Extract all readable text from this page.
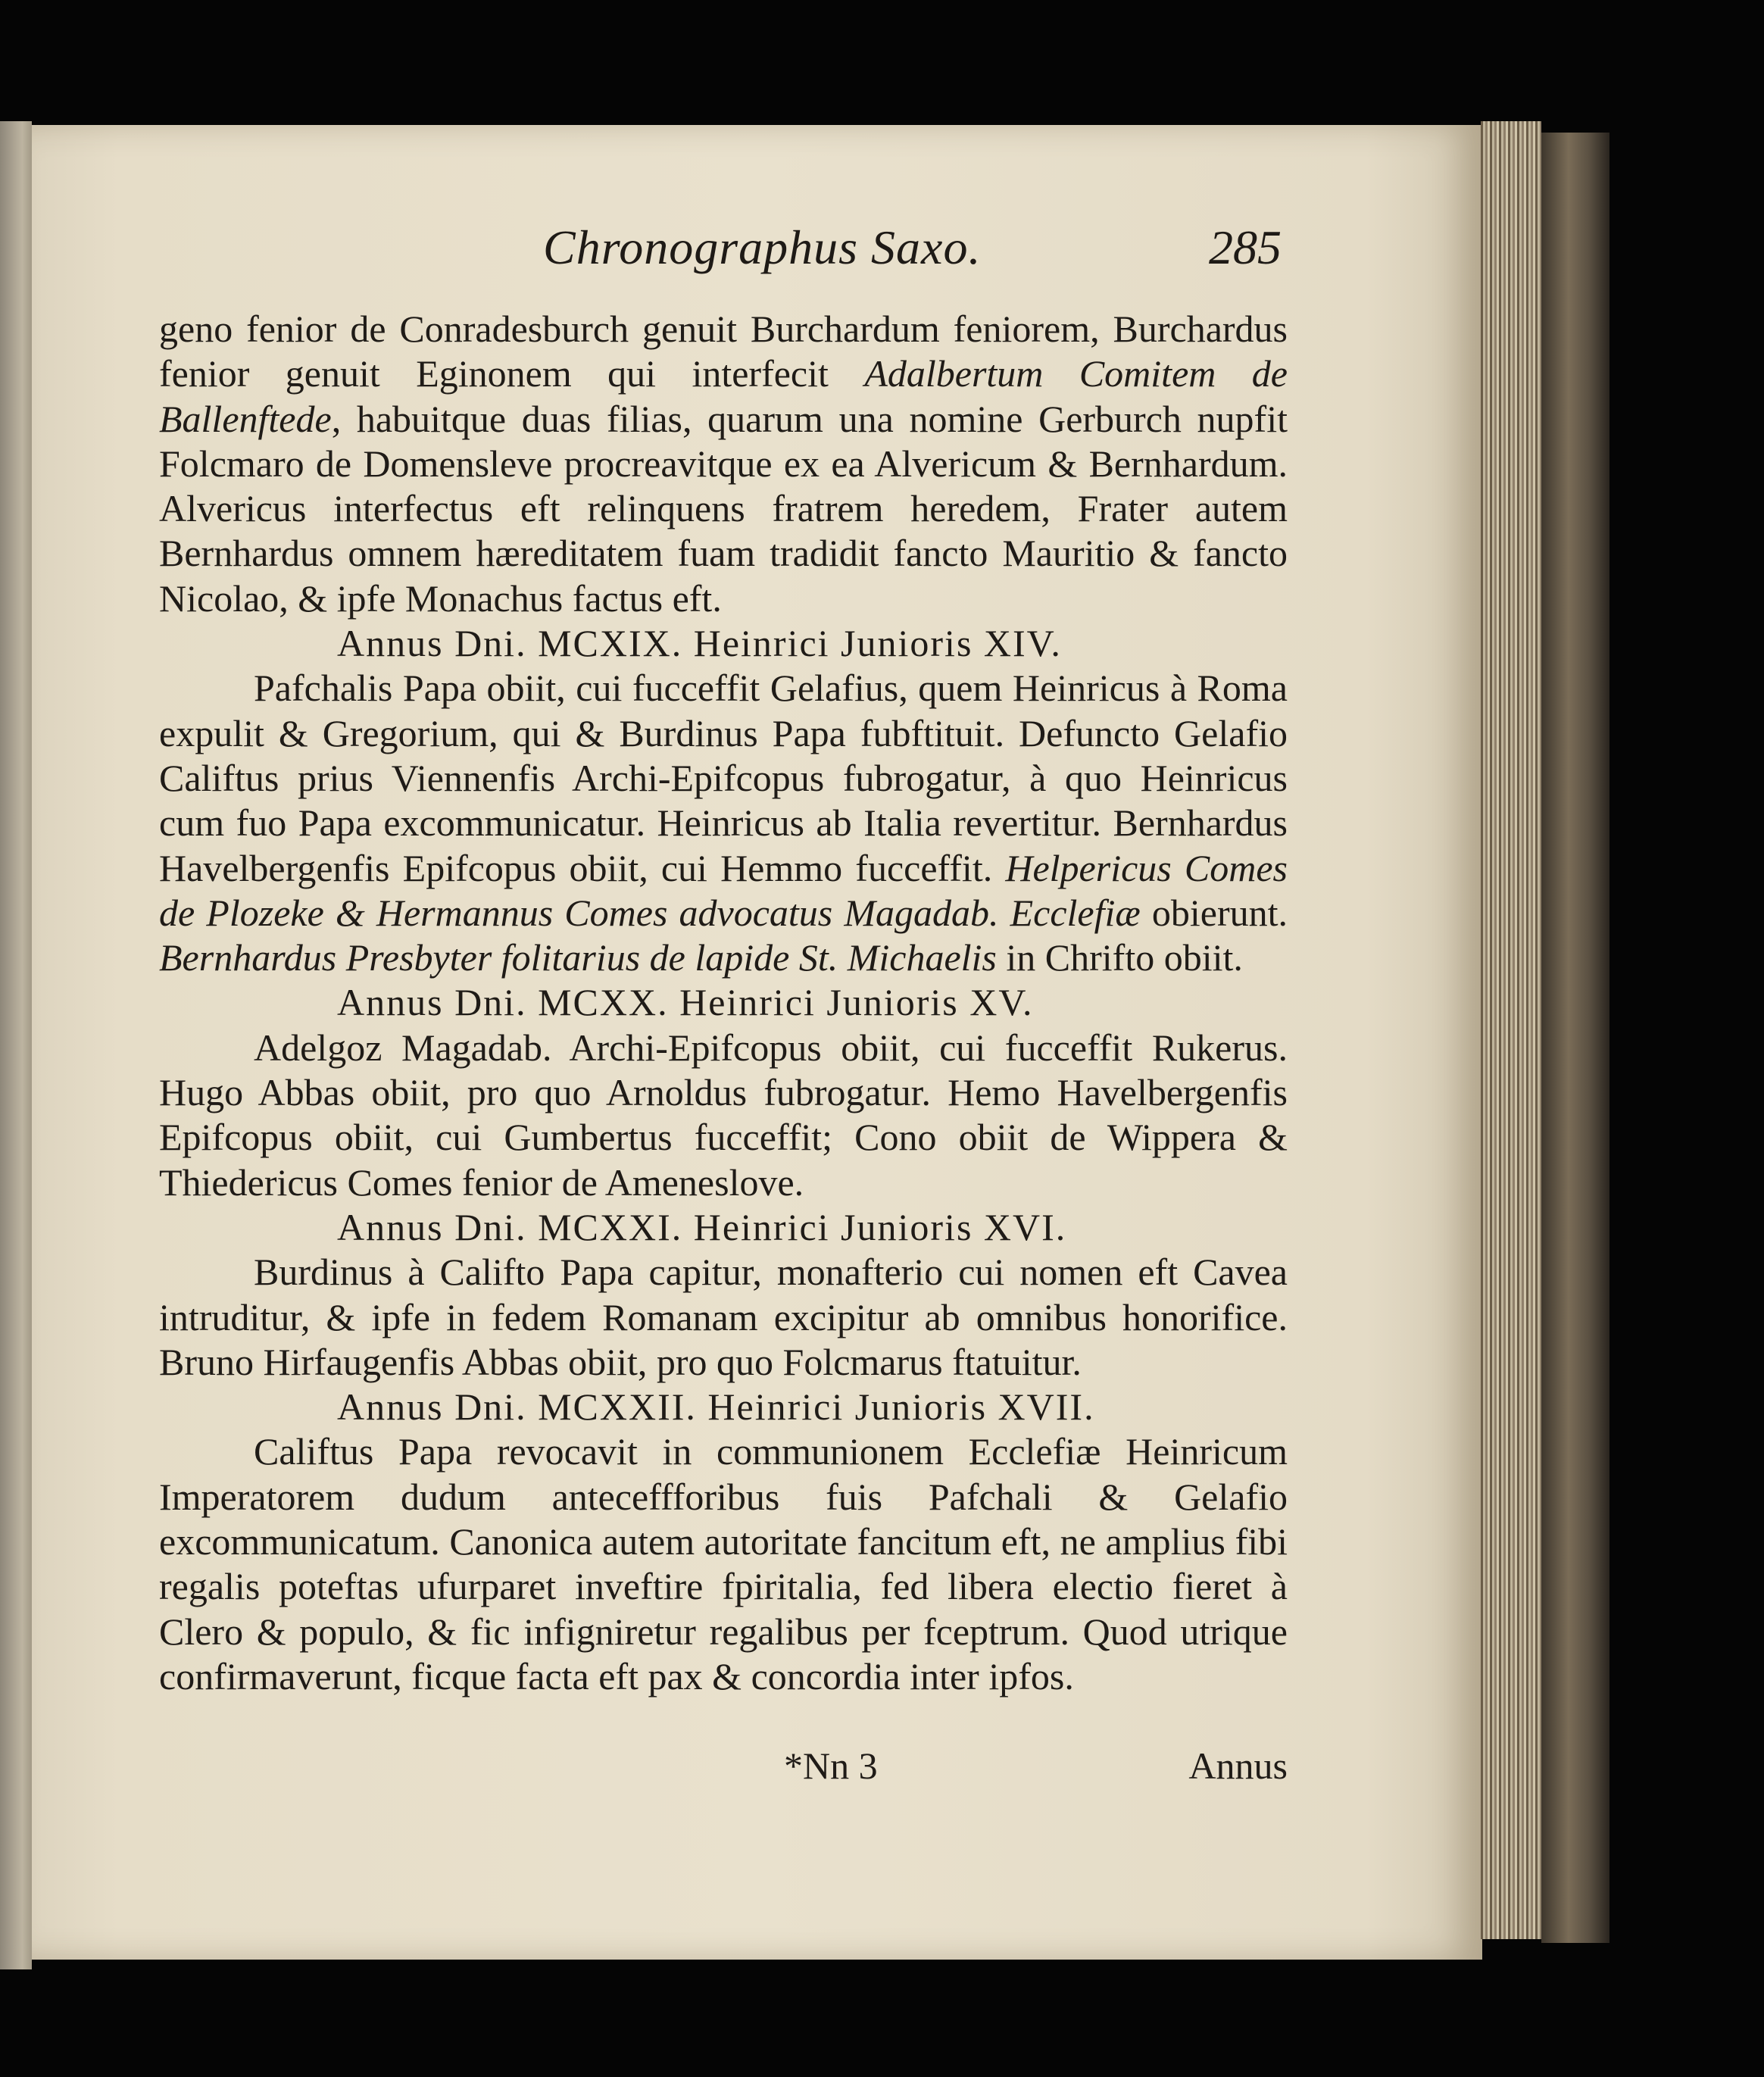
Chronographus Saxo.	285

geno fenior de Conradesburch genuit Burchardum feniorem, Burchardus fenior genuit Eginonem qui interfecit Adalbertum Comitem de Ballenftede, habuitque duas filias, quarum una nomine Gerburch nupfit Folcmaro de Domensleve procreavitque ex ea Alvericum & Bernhardum. Alvericus interfectus eft relinquens fratrem heredem, Frater autem Bernhardus omnem hæreditatem fuam tradidit fancto Mauritio & fancto Nicolao, & ipfe Monachus factus eft.

Annus Dni. MCXIX. Heinrici Junioris XIV.

Pafchalis Papa obiit, cui fucceffit Gelafius, quem Heinricus à Roma expulit & Gregorium, qui & Burdinus Papa fubftituit. Defuncto Gelafio Califtus prius Viennenfis Archi-Epifcopus fubrogatur, à quo Heinricus cum fuo Papa excommunicatur. Heinricus ab Italia revertitur. Bernhardus Havelbergenfis Epifcopus obiit, cui Hemmo fucceffit. Helpericus Comes de Plozeke & Hermannus Comes advocatus Magadab. Ecclefiæ obierunt. Bernhardus Presbyter folitarius de lapide St. Michaelis in Chrifto obiit.

Annus Dni. MCXX. Heinrici Junioris XV.

Adelgoz Magadab. Archi-Epifcopus obiit, cui fucceffit Rukerus. Hugo Abbas obiit, pro quo Arnoldus fubrogatur. Hemo Havelbergenfis Epifcopus obiit, cui Gumbertus fucceffit; Cono obiit de Wippera & Thiedericus Comes fenior de Ameneslove.

Annus Dni. MCXXI. Heinrici Junioris XVI.

Burdinus à Califto Papa capitur, monafterio cui nomen eft Cavea intruditur, & ipfe in fedem Romanam excipitur ab omnibus honorifice. Bruno Hirfaugenfis Abbas obiit, pro quo Folcmarus ftatuitur.

Annus Dni. MCXXII. Heinrici Junioris XVII.

Califtus Papa revocavit in communionem Ecclefiæ Heinricum Imperatorem dudum anteceffforibus fuis Pafchali & Gelafio excommunicatum. Canonica autem autoritate fancitum eft, ne amplius fibi regalis poteftas ufurparet inveftire fpiritalia, fed libera electio fieret à Clero & populo, & fic infigniretur regalibus per fceptrum. Quod utrique confirmaverunt, ficque facta eft pax & concordia inter ipfos.

*Nn 3	Annus
